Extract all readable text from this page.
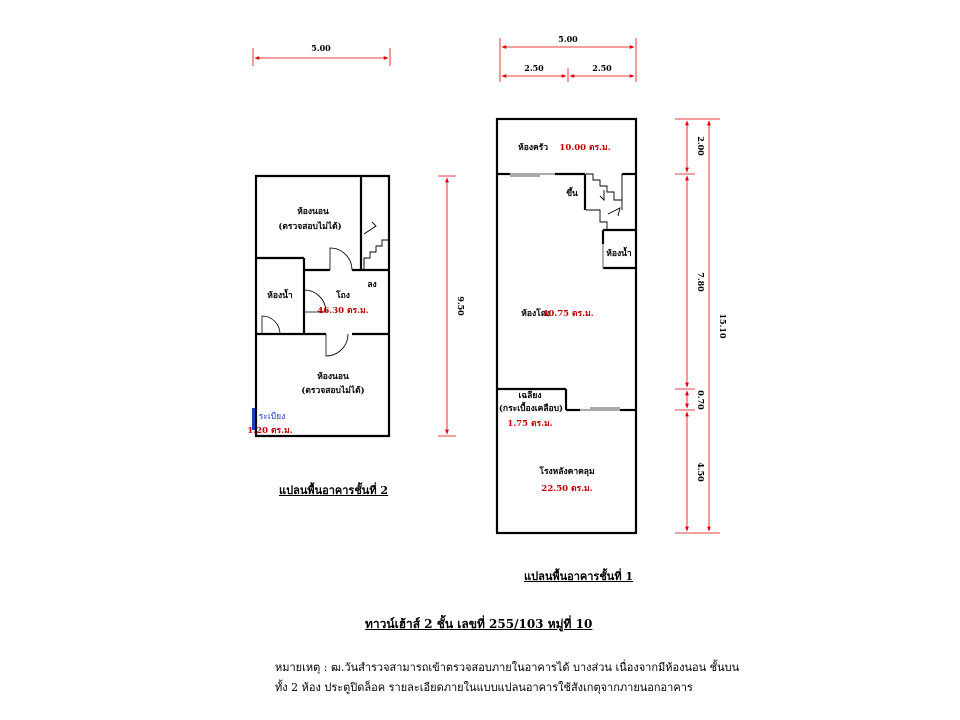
5.00
ห้องนอน
(ตรวจสอบไม่ได้)
ห้องน้ำ	โถง
46.30 ตร.ม.
ลง
ห้องนอน
(ตรวจสอบไม่ได้)
ระเบียง
1.20 ตร.ม.
9.50
5.00
2.50	2.50
ห้องครัว 10.00 ตร.ม.
ขึ้น
ห้องน้ำ
ห้องโถง
40.75 ตร.ม.
เฉลียง
(กระเบื้องเคลือบ)
1.75 ตร.ม.
โรงหลังคาคลุม
22.50 ตร.ม.
2.00
7.80
0.70
4.50
15.10
แปลนพื้นอาคารชั้นที่ 2
แปลนพื้นอาคารชั้นที่ 1
ทาวน์เฮ้าส์ 2 ชั้น เลขที่ 255/103 หมู่ที่ 10
หมายเหตุ : ฒ.วันสำรวจสามารถเข้าตรวจสอบภายในอาคารได้ บางส่วน เนื่องจากมีห้องนอน ชั้นบน
ทั้ง 2 ห้อง ประตูปิดล็อค รายละเอียดภายในแบบแปลนอาคารใช้สังเกตุจากภายนอกอาคาร
